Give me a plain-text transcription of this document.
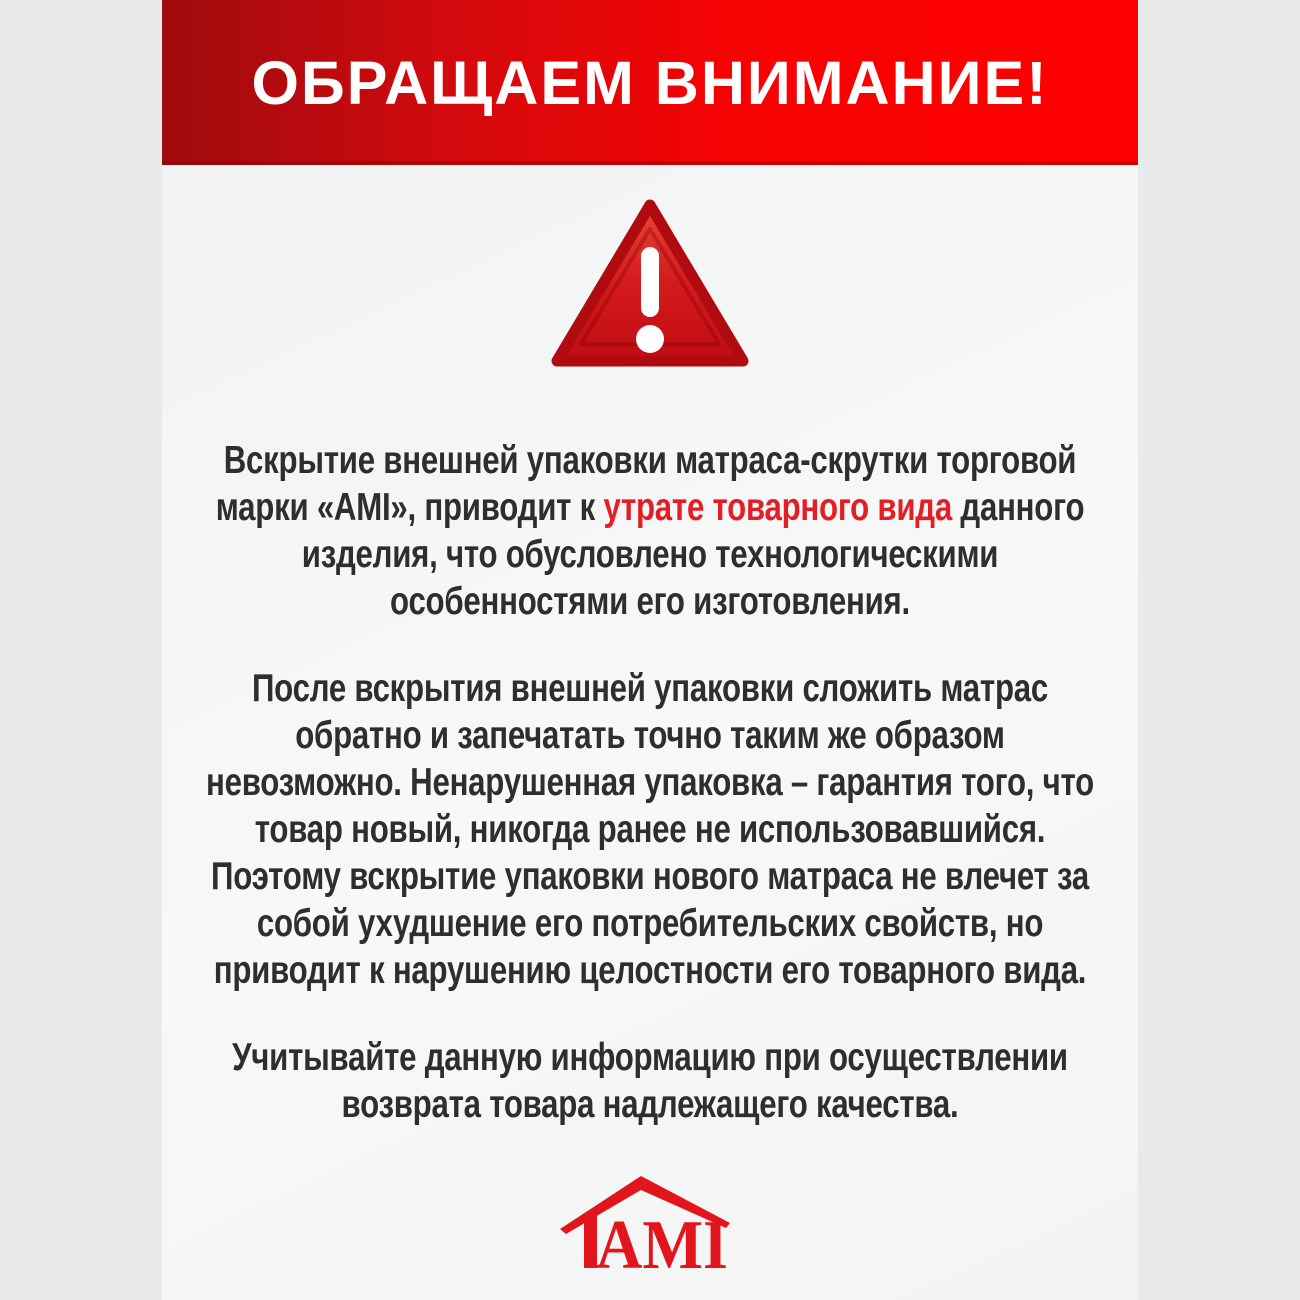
ОБРАЩАЕМ ВНИМАНИЕ!
Вскрытие внешней упаковки матраса-скрутки торговой
марки «AMI», приводит к утрате товарного вида данного
изделия, что обусловлено технологическими
особенностями его изготовления.
После вскрытия внешней упаковки сложить матрас
обратно и запечатать точно таким же образом
невозможно. Ненарушенная упаковка – гарантия того, что
товар новый, никогда ранее не использовавшийся.
Поэтому вскрытие упаковки нового матраса не влечет за
собой ухудшение его потребительских свойств, но
приводит к нарушению целостности его товарного вида.
Учитывайте данную информацию при осуществлении
возврата товара надлежащего качества.
AMI
